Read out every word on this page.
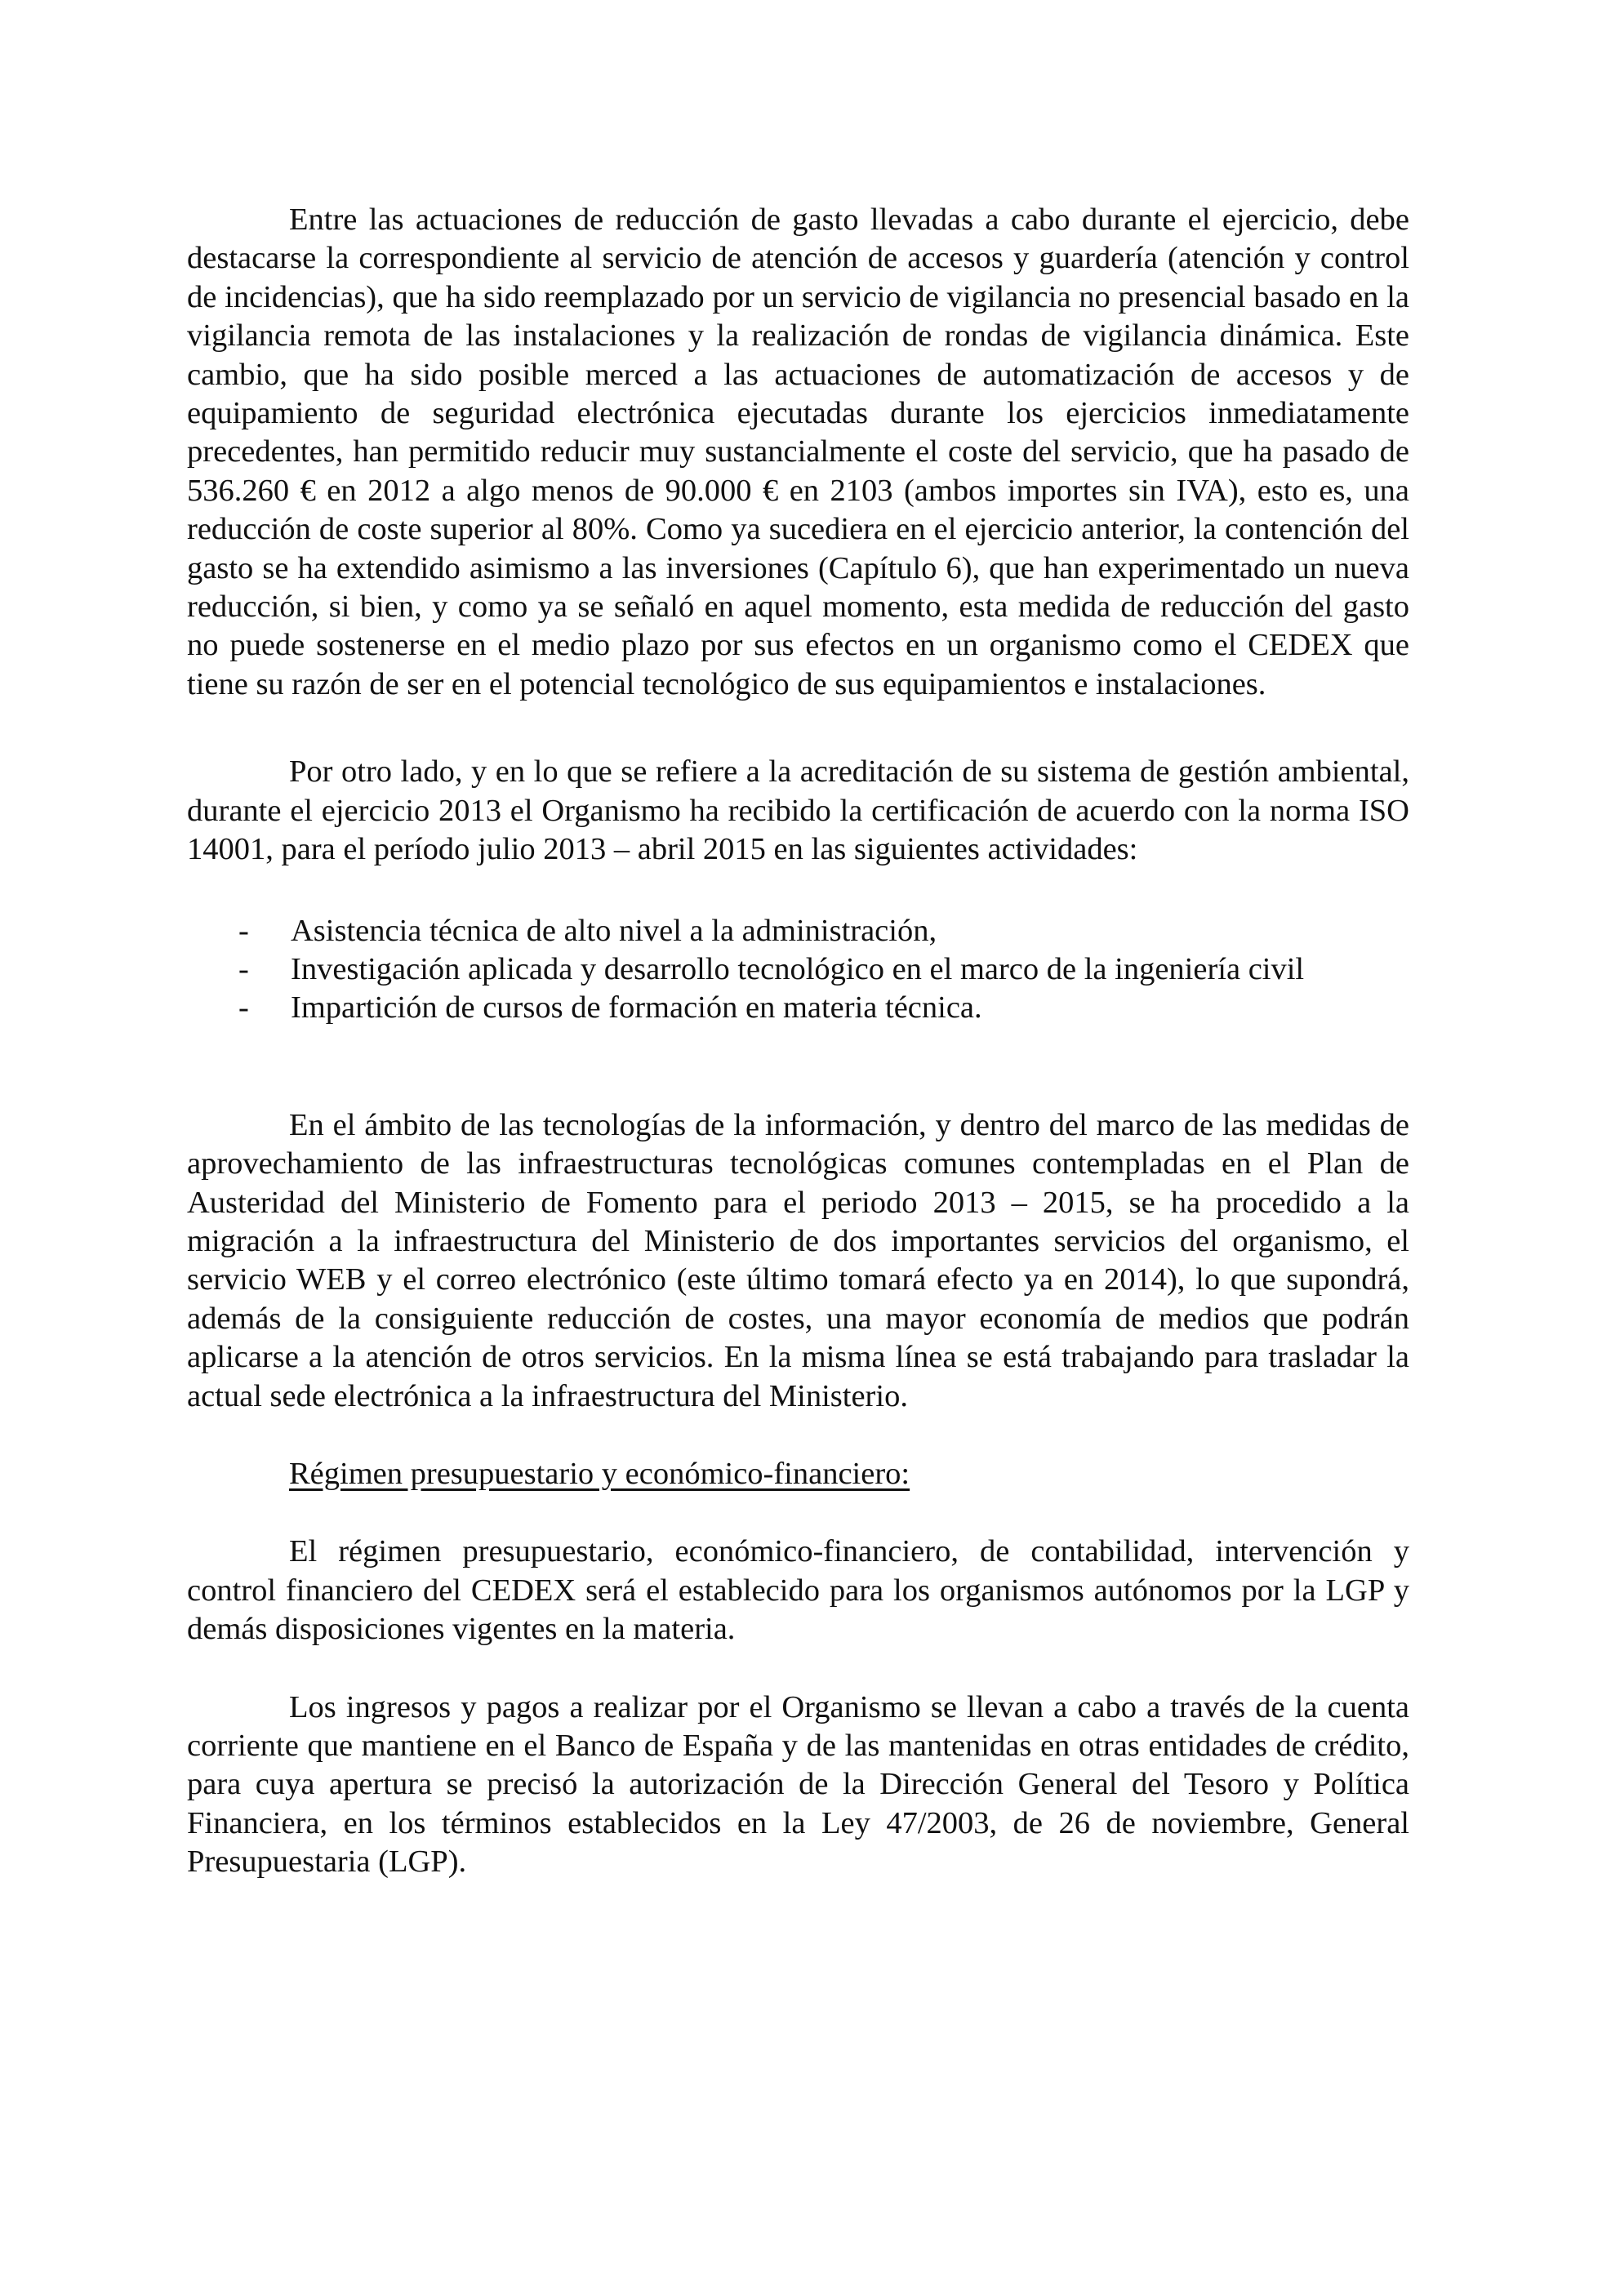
Entre las actuaciones de reducción de gasto llevadas a cabo durante el ejercicio, debe destacarse la correspondiente al servicio de atención de accesos y guardería (atención y control de incidencias), que ha sido reemplazado por un servicio de vigilancia no presencial basado en la vigilancia remota de las instalaciones y la realización de rondas de vigilancia dinámica. Este cambio, que ha sido posible merced a las actuaciones de automatización de accesos y de equipamiento de seguridad electrónica ejecutadas durante los ejercicios inmediatamente precedentes, han permitido reducir muy sustancialmente el coste del servicio, que ha pasado de 536.260 € en 2012 a algo menos de 90.000 € en 2103 (ambos importes sin IVA), esto es, una reducción de coste superior al 80%. Como ya sucediera en el ejercicio anterior, la contención del gasto se ha extendido asimismo a las inversiones (Capítulo 6), que han experimentado un nueva reducción, si bien, y como ya se señaló en aquel momento, esta medida de reducción del gasto no puede sostenerse en el medio plazo por sus efectos en un organismo como el CEDEX que tiene su razón de ser en el potencial tecnológico de sus equipamientos e instalaciones.

Por otro lado, y en lo que se refiere a la acreditación de su sistema de gestión ambiental, durante el ejercicio 2013 el Organismo ha recibido la certificación de acuerdo con la norma ISO 14001, para el período julio 2013 – abril 2015 en las siguientes actividades:

- Asistencia técnica de alto nivel a la administración,
- Investigación aplicada y desarrollo tecnológico en el marco de la ingeniería civil
- Impartición de cursos de formación en materia técnica.

En el ámbito de las tecnologías de la información, y dentro del marco de las medidas de aprovechamiento de las infraestructuras tecnológicas comunes contempladas en el Plan de Austeridad del Ministerio de Fomento para el periodo 2013 – 2015, se ha procedido a la migración a la infraestructura del Ministerio de dos importantes servicios del organismo, el servicio WEB y el correo electrónico (este último tomará efecto ya en 2014), lo que supondrá, además de la consiguiente reducción de costes, una mayor economía de medios que podrán aplicarse a la atención de otros servicios. En la misma línea se está trabajando para trasladar la actual sede electrónica a la infraestructura del Ministerio.

Régimen presupuestario y económico-financiero:

El régimen presupuestario, económico-financiero, de contabilidad, intervención y control financiero del CEDEX será el establecido para los organismos autónomos por la LGP y demás disposiciones vigentes en la materia.

Los ingresos y pagos a realizar por el Organismo se llevan a cabo a través de la cuenta corriente que mantiene en el Banco de España y de las mantenidas en otras entidades de crédito, para cuya apertura se precisó la autorización de la Dirección General del Tesoro y Política Financiera, en los términos establecidos en la Ley 47/2003, de 26 de noviembre, General Presupuestaria (LGP).
